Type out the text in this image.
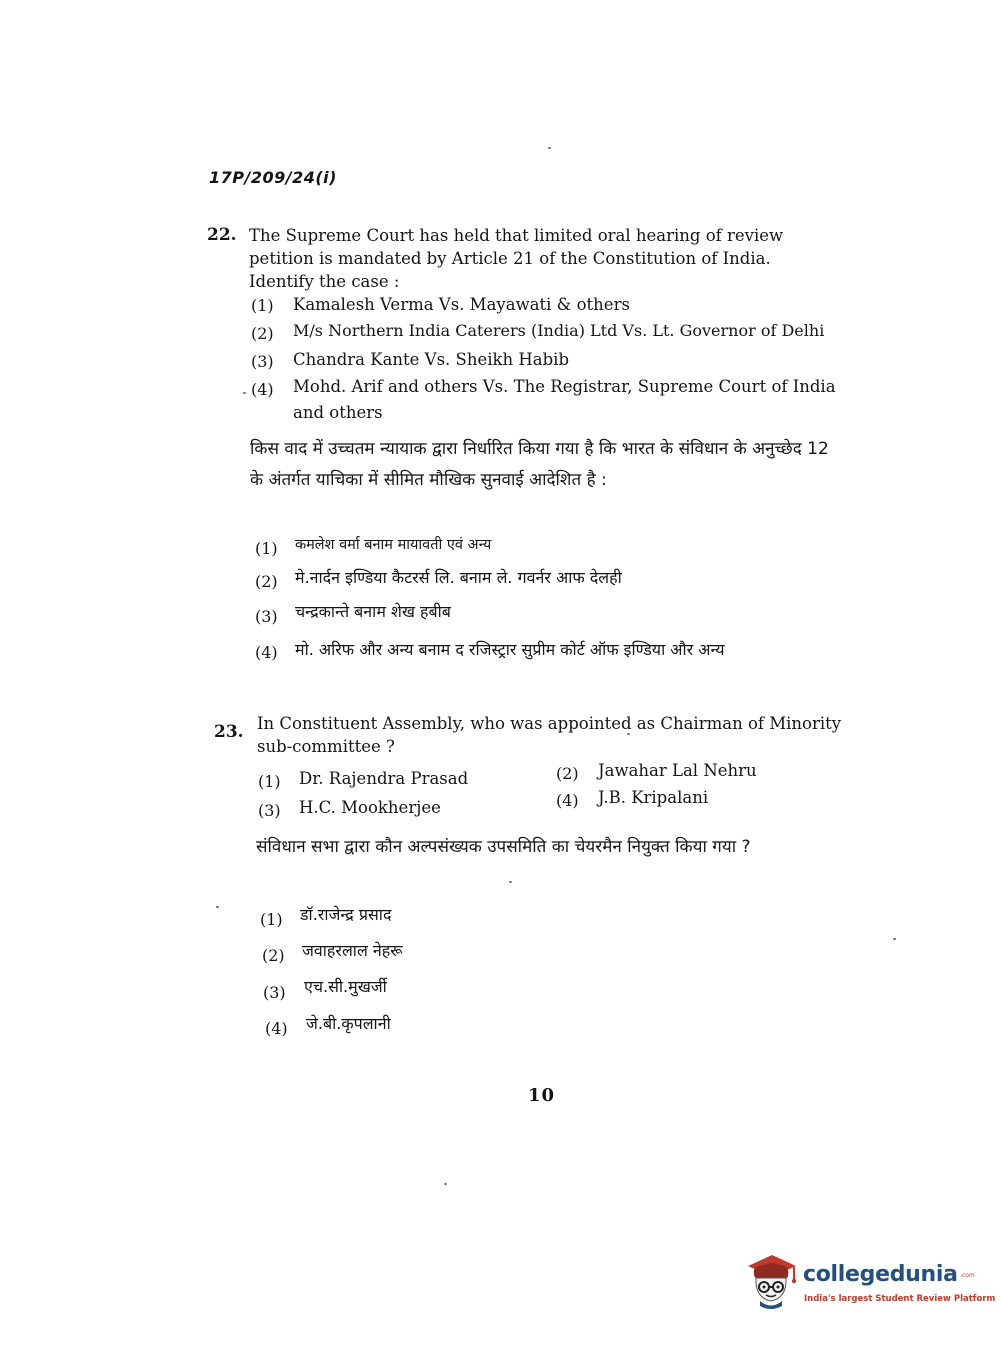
17P/209/24(i)
22. The Supreme Court has held that limited oral hearing of review petition is mandated by Article 21 of the Constitution of India. Identify the case :
(1) Kamalesh Verma Vs. Mayawati & others
(2) M/s Northern India Caterers (India) Ltd Vs. Lt. Governor of Delhi
(3) Chandra Kante Vs. Sheikh Habib
(4) Mohd. Arif and others Vs. The Registrar, Supreme Court of India and others
किस वाद में उच्चतम न्यायाक द्वारा निर्धारित किया गया है कि भारत के संविधान के अनुच्छेद 12 के अंतर्गत याचिका में सीमित मौखिक सुनवाई आदेशित है :
(1) कमलेश वर्मा बनाम मायावती एवं अन्य
(2) मे.नार्दन इण्डिया कैटरर्स लि. बनाम ले. गवर्नर आफ देलही
(3) चन्द्रकान्ते बनाम शेख हबीब
(4) मो. अरिफ और अन्य बनाम द रजिस्ट्रार सुप्रीम कोर्ट ऑफ इण्डिया और अन्य
23. In Constituent Assembly, who was appointed as Chairman of Minority sub-committee ?
(1) Dr. Rajendra Prasad	(2) Jawahar Lal Nehru
(3) H.C. Mookherjee	(4) J.B. Kripalani
संविधान सभा द्वारा कौन अल्पसंख्यक उपसमिति का चेयरमैन नियुक्त किया गया ?
(1) डॉ.राजेन्द्र प्रसाद
(2) जवाहरलाल नेहरू
(3) एच.सी.मुखर्जी
(4) जे.बी.कृपलानी
10
collegedunia .com
India's largest Student Review Platform
